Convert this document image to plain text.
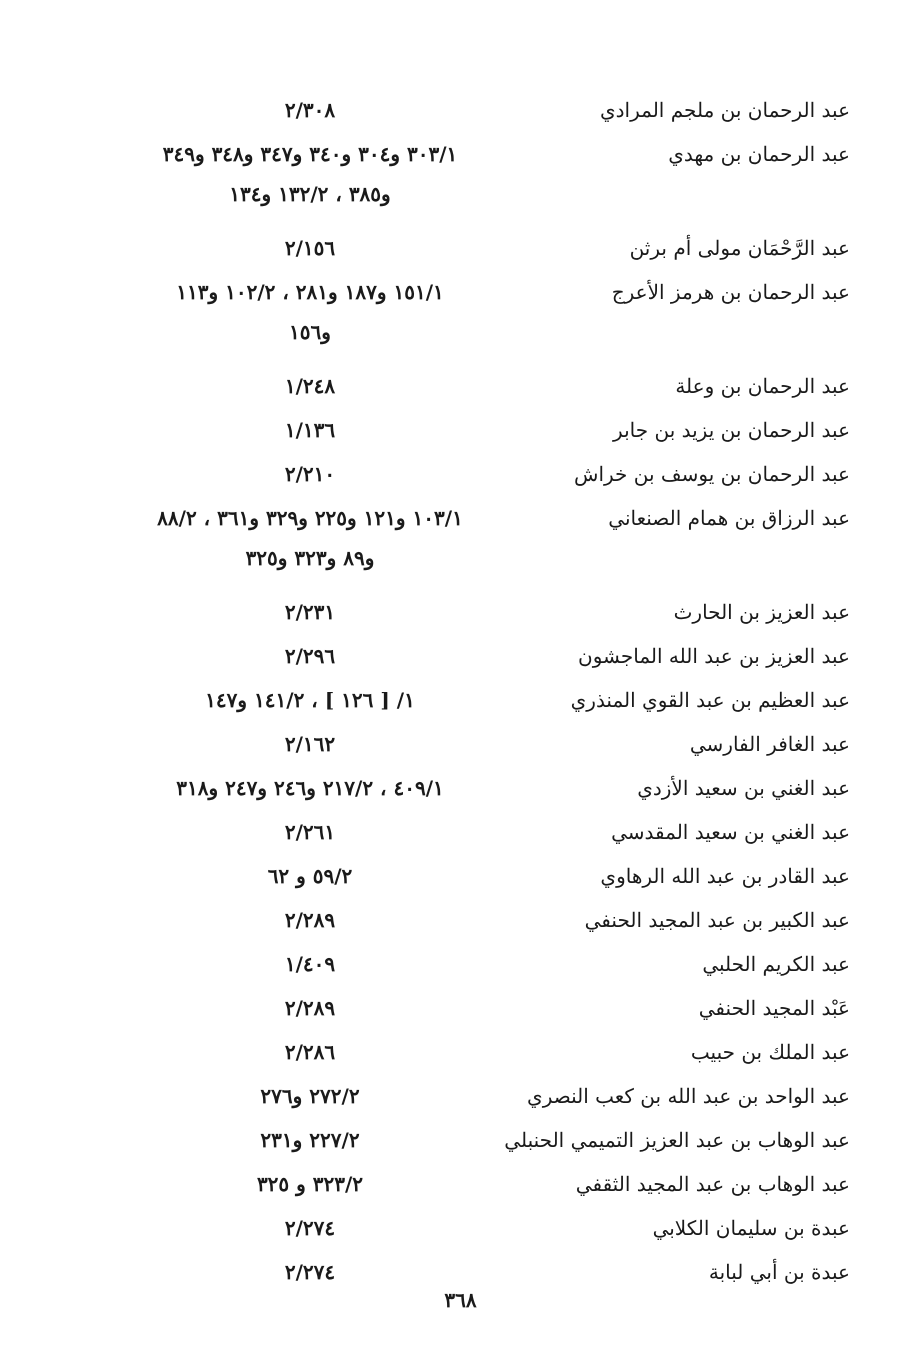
عبد الرحمان بن ملجم المرادي
٢/٣٠٨
عبد الرحمان بن مهدي
٣٠٣/١ و٣٠٤ و٣٤٠ و٣٤٧ و٣٤٨ و٣٤٩
و٣٨٥ ، ١٣٢/٢ و١٣٤
عبد الرَّحْمَان مولى أم برثن
٢/١٥٦
عبد الرحمان بن هرمز الأعرج
١٥١/١ و١٨٧ و٢٨١ ، ١٠٢/٢ و١١٣
و١٥٦
عبد الرحمان بن وعلة
١/٢٤٨
عبد الرحمان بن يزيد بن جابر
١/١٣٦
عبد الرحمان بن يوسف بن خراش
٢/٢١٠
عبد الرزاق بن همام الصنعاني
١٠٣/١ و١٢١ و٢٢٥ و٣٢٩ و٣٦١ ، ٨٨/٢
و٨٩ و٣٢٣ و٣٢٥
عبد العزيز بن الحارث
٢/٢٣١
عبد العزيز بن عبد الله الماجشون
٢/٢٩٦
عبد العظيم بن عبد القوي المنذري
١/ [ ١٢٦ ] ، ١٤١/٢ و١٤٧
عبد الغافر الفارسي
٢/١٦٢
عبد الغني بن سعيد الأزدي
٤٠٩/١ ، ٢١٧/٢ و٢٤٦ و٢٤٧ و٣١٨
عبد الغني بن سعيد المقدسي
٢/٢٦١
عبد القادر بن عبد الله الرهاوي
٥٩/٢ و ٦٢
عبد الكبير بن عبد المجيد الحنفي
٢/٢٨٩
عبد الكريم الحلبي
١/٤٠٩
عَبْد المجيد الحنفي
٢/٢٨٩
عبد الملك بن حبيب
٢/٢٨٦
عبد الواحد بن عبد الله بن كعب النصري
٢٧٢/٢ و٢٧٦
عبد الوهاب بن عبد العزيز التميمي الحنبلي
٢٢٧/٢ و٢٣١
عبد الوهاب بن عبد المجيد الثقفي
٣٢٣/٢ و ٣٢٥
عبدة بن سليمان الكلابي
٢/٢٧٤
عبدة بن أبي لبابة
٢/٢٧٤
٣٦٨
